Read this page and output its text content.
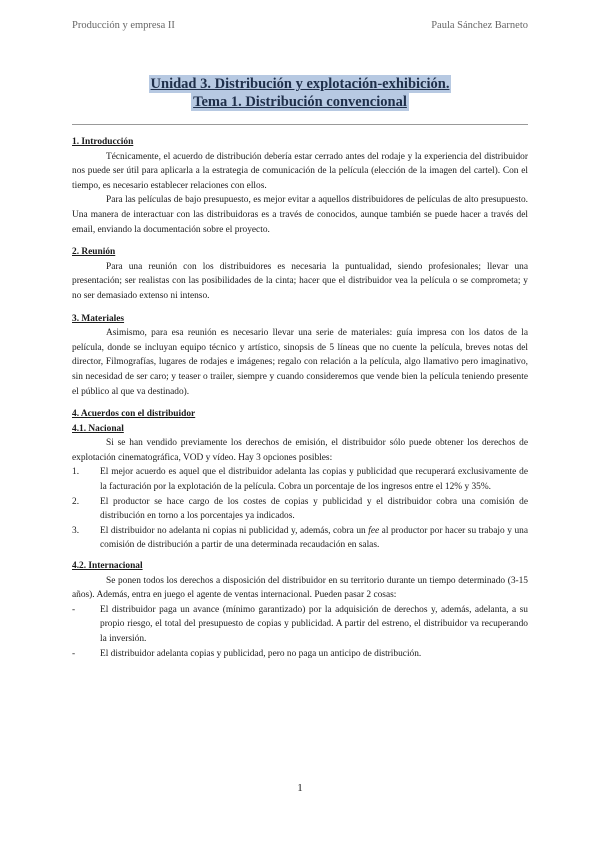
Producción y empresa II	Paula Sánchez Barneto
Unidad 3. Distribución y explotación-exhibición.
Tema 1. Distribución convencional

1. Introducción

Técnicamente, el acuerdo de distribución debería estar cerrado antes del rodaje y la experiencia del distribuidor nos puede ser útil para aplicarla a la estrategia de comunicación de la película (elección de la imagen del cartel). Con el tiempo, es necesario establecer relaciones con ellos.

Para las películas de bajo presupuesto, es mejor evitar a aquellos distribuidores de películas de alto presupuesto. Una manera de interactuar con las distribuidoras es a través de conocidos, aunque también se puede hacer a través del email, enviando la documentación sobre el proyecto.

2. Reunión

Para una reunión con los distribuidores es necesaria la puntualidad, siendo profesionales; llevar una presentación; ser realistas con las posibilidades de la cinta; hacer que el distribuidor vea la película o se comprometa; y no ser demasiado extenso ni intenso.

3. Materiales

Asimismo, para esa reunión es necesario llevar una serie de materiales: guía impresa con los datos de la película, donde se incluyan equipo técnico y artístico, sinopsis de 5 líneas que no cuente la película, breves notas del director, Filmografías, lugares de rodajes e imágenes; regalo con relación a la película, algo llamativo pero imaginativo, sin necesidad de ser caro; y teaser o trailer, siempre y cuando consideremos que vende bien la película teniendo presente el público al que va destinado).

4. Acuerdos con el distribuidor

4.1. Nacional

Si se han vendido previamente los derechos de emisión, el distribuidor sólo puede obtener los derechos de explotación cinematográfica, VOD y vídeo. Hay 3 opciones posibles:

1.	El mejor acuerdo es aquel que el distribuidor adelanta las copias y publicidad que recuperará exclusivamente de la facturación por la explotación de la película. Cobra un porcentaje de los ingresos entre el 12% y 35%.
2.	El productor se hace cargo de los costes de copias y publicidad y el distribuidor cobra una comisión de distribución en torno a los porcentajes ya indicados.
3.	El distribuidor no adelanta ni copias ni publicidad y, además, cobra un fee al productor por hacer su trabajo y una comisión de distribución a partir de una determinada recaudación en salas.

4.2. Internacional

Se ponen todos los derechos a disposición del distribuidor en su territorio durante un tiempo determinado (3-15 años). Además, entra en juego el agente de ventas internacional. Pueden pasar 2 cosas:

-	El distribuidor paga un avance (mínimo garantizado) por la adquisición de derechos y, además, adelanta, a su propio riesgo, el total del presupuesto de copias y publicidad. A partir del estreno, el distribuidor va recuperando la inversión.
-	El distribuidor adelanta copias y publicidad, pero no paga un anticipo de distribución.
1
